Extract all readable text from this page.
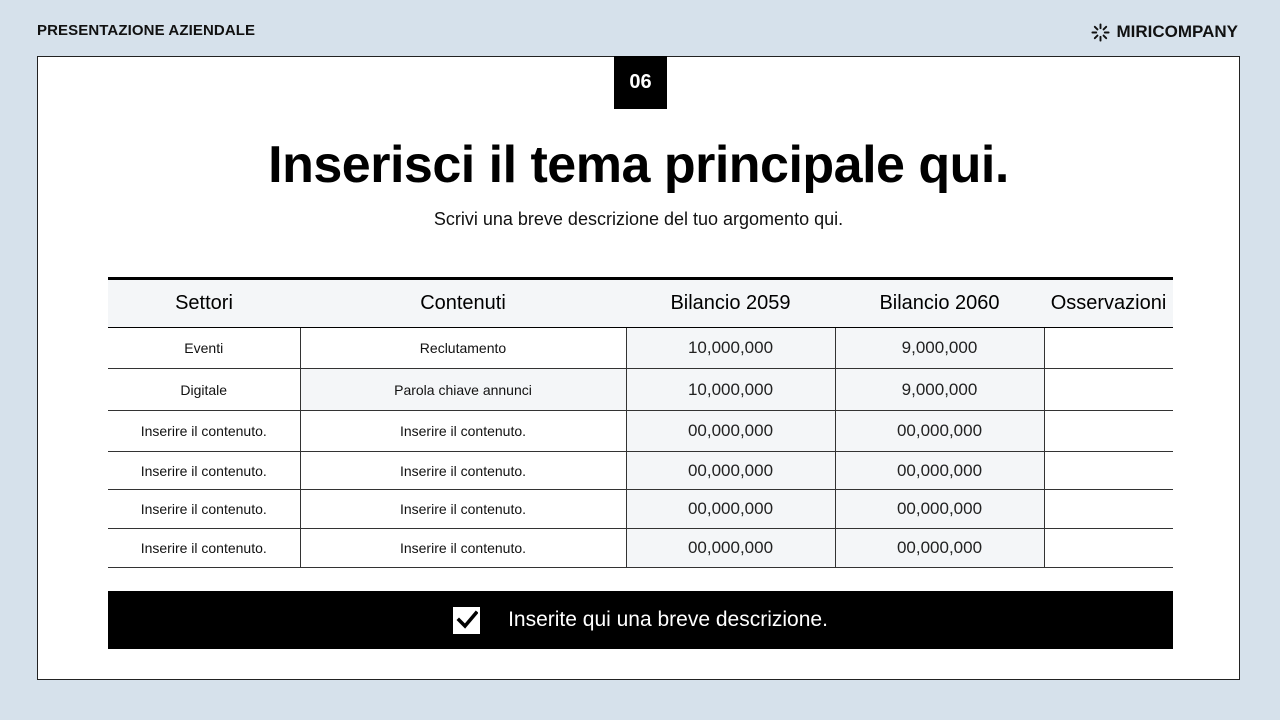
PRESENTAZIONE AZIENDALE	MIRICOMPANY
06
Inserisci il tema principale qui.
Scrivi una breve descrizione del tuo argomento qui.
Settori	Contenuti	Bilancio 2059	Bilancio 2060	Osservazioni
Eventi	Reclutamento	10,000,000	9,000,000	
Digitale	Parola chiave annunci	10,000,000	9,000,000	
Inserire il contenuto.	Inserire il contenuto.	00,000,000	00,000,000	
Inserire il contenuto.	Inserire il contenuto.	00,000,000	00,000,000	
Inserire il contenuto.	Inserire il contenuto.	00,000,000	00,000,000	
Inserire il contenuto.	Inserire il contenuto.	00,000,000	00,000,000	
Inserite qui una breve descrizione.
